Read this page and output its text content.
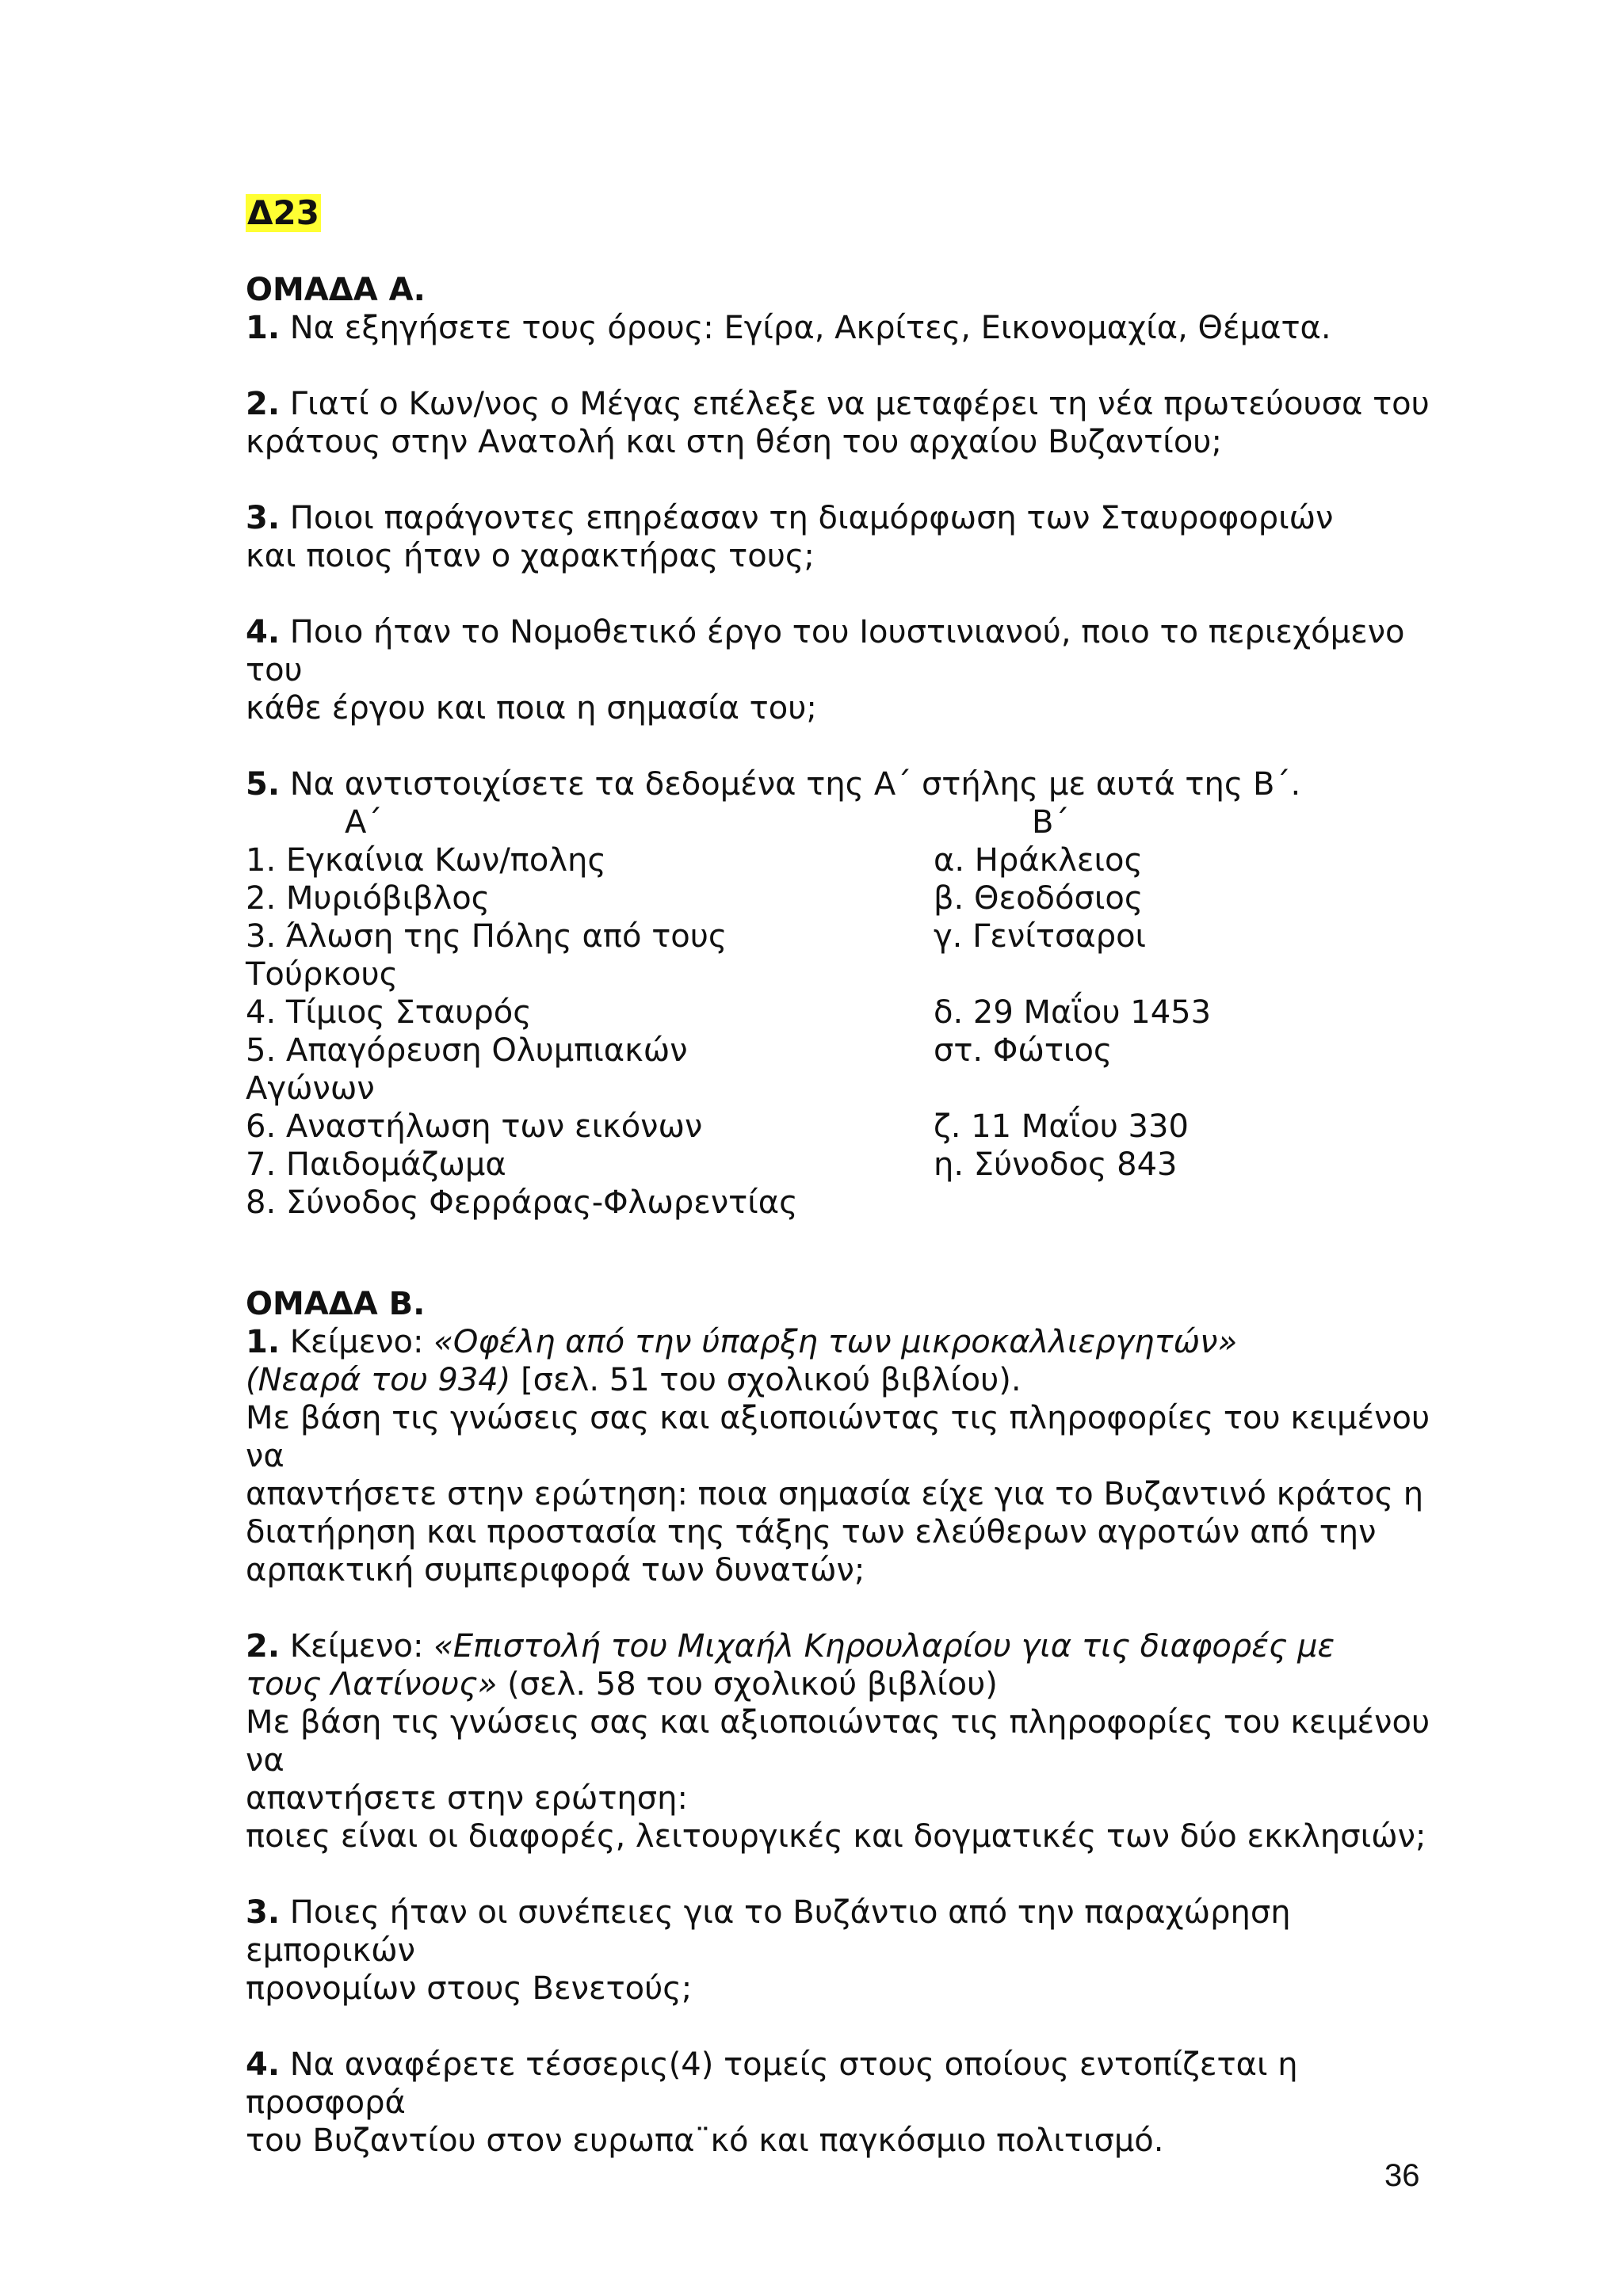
Δ23
ΟΜΑΔΑ Α.
1. Να εξηγήσετε τους όρους: Εγίρα, Ακρίτες, Εικονομαχία, Θέματα.
2. Γιατί ο Κων/νος ο Μέγας επέλεξε να μεταφέρει τη νέα πρωτεύουσα του
κράτους στην Ανατολή και στη θέση του αρχαίου Βυζαντίου;
3. Ποιοι παράγοντες επηρέασαν τη διαμόρφωση των Σταυροφοριών
και ποιος ήταν ο χαρακτήρας τους;
4. Ποιο ήταν το Νομοθετικό έργο του Ιουστινιανού, ποιο το περιεχόμενο του
κάθε έργου και ποια η σημασία του;
5. Να αντιστοιχίσετε τα δεδομένα της Α΄ στήλης με αυτά της Β΄.
Α΄	Β΄
1. Εγκαίνια Κων/πολης
2. Μυριόβιβλος
3. Άλωση της Πόλης από τους
Τούρκους
4. Τίμιος Σταυρός
5. Απαγόρευση Ολυμπιακών
Αγώνων
6. Αναστήλωση των εικόνων
7. Παιδομάζωμα
8. Σύνοδος Φερράρας-Φλωρεντίας
α. Ηράκλειος
β. Θεοδόσιος
γ. Γενίτσαροι
δ. 29 Μαΐου 1453
στ. Φώτιος
ζ. 11 Μαΐου 330
η. Σύνοδος 843
ΟΜΑΔΑ Β.
1. Κείμενο: «Οφέλη από την ύπαρξη των μικροκαλλιεργητών»
(Νεαρά του 934) [σελ. 51 του σχολικού βιβλίου).
Με βάση τις γνώσεις σας και αξιοποιώντας τις πληροφορίες του κειμένου να
απαντήσετε στην ερώτηση: ποια σημασία είχε για το Βυζαντινό κράτος η
διατήρηση και προστασία της τάξης των ελεύθερων αγροτών από την
αρπακτική συμπεριφορά των δυνατών;
2. Κείμενο: «Επιστολή του Μιχαήλ Κηρουλαρίου για τις διαφορές με
τους Λατίνους» (σελ. 58 του σχολικού βιβλίου)
Με βάση τις γνώσεις σας και αξιοποιώντας τις πληροφορίες του κειμένου να
απαντήσετε στην ερώτηση:
ποιες είναι οι διαφορές, λειτουργικές και δογματικές των δύο εκκλησιών;
3. Ποιες ήταν οι συνέπειες για το Βυζάντιο από την παραχώρηση εμπορικών
προνομίων στους Βενετούς;
4. Να αναφέρετε τέσσερις(4) τομείς στους οποίους εντοπίζεται η προσφορά
του Βυζαντίου στον ευρωπα¨κό και παγκόσμιο πολιτισμό.
36
